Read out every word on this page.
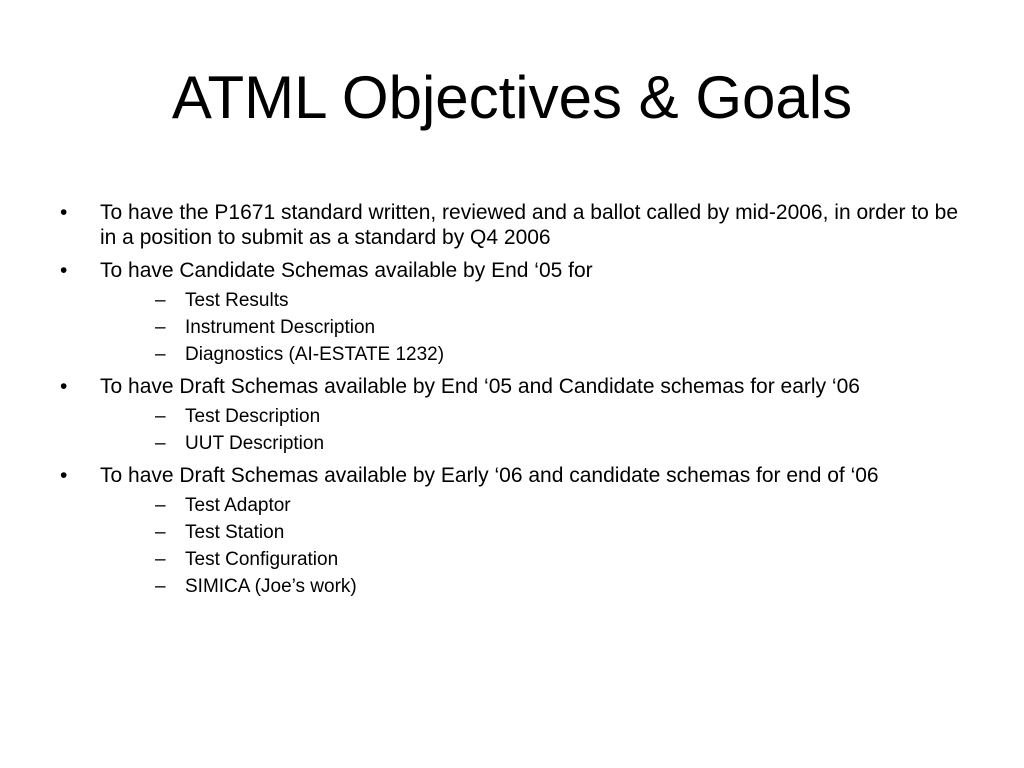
ATML Objectives & Goals
•	To have the P1671 standard written, reviewed and a ballot called by mid-2006, in order to be in a position to submit as a standard by Q4 2006
•	To have Candidate Schemas available by End ‘05 for
–	Test Results
–	Instrument Description
–	Diagnostics (AI-ESTATE 1232)
•	To have Draft Schemas available by End ‘05 and Candidate schemas for early ‘06
–	Test Description
–	UUT Description
•	To have Draft Schemas available by Early ‘06 and candidate schemas for end of ‘06
–	Test Adaptor
–	Test Station
–	Test Configuration
–	SIMICA (Joe’s work)
